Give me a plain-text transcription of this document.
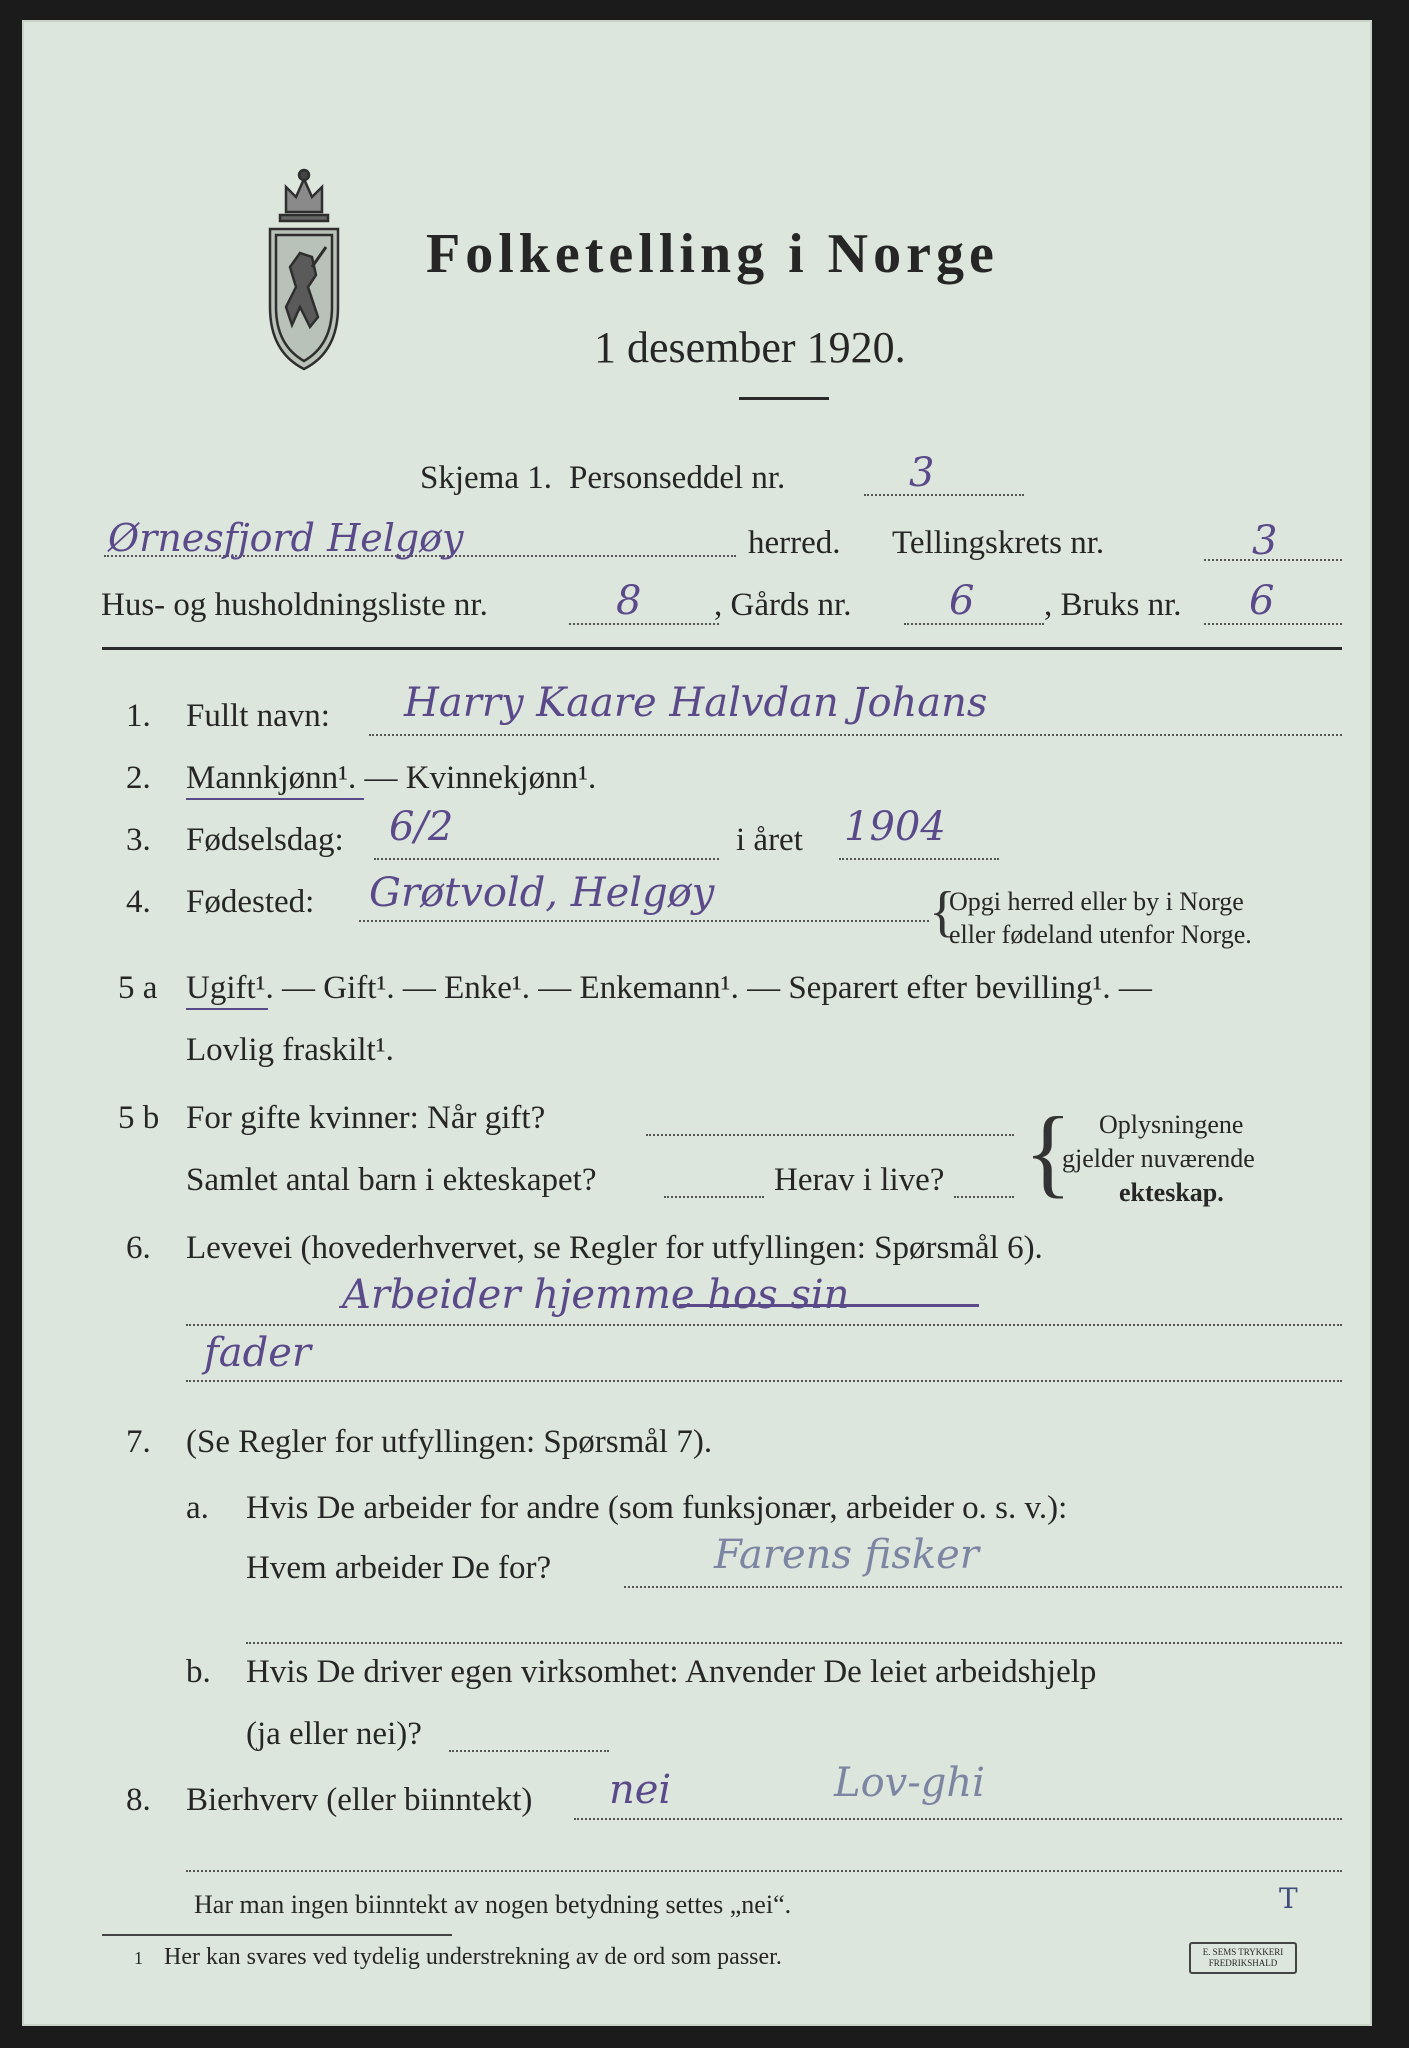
Folketelling i Norge
1 desember 1920.
Skjema 1. Personseddel nr.	3
Ørnesfjord Helgøy	herred. Tellingskrets nr.	3
Hus- og husholdningsliste nr.	8 , Gårds nr. 6 , Bruks nr. 6
1. Fullt navn: Harry Kaare Halvdan Johans
2. Mannkjønn¹. — Kvinnekjønn¹.
3. Fødselsdag: 6/2	i året 1904
4. Fødested: Grøtvold, Helgøy	{
Opgi herred eller by i Norge
eller fødeland utenfor Norge.
5 a Ugift¹. — Gift¹. — Enke¹. — Enkemann¹. — Separert efter bevilling¹. —
Lovlig fraskilt¹.
5 b For gifte kvinner: Når gift?
Samlet antal barn i ekteskapet?	Herav i live? { Oplysningene
gjelder nuværende
ekteskap.
6. Levevei (hovederhvervet, se Regler for utfyllingen: Spørsmål 6).
Arbeider hjemme hos sin
fader
7. (Se Regler for utfyllingen: Spørsmål 7).
a. Hvis De arbeider for andre (som funksjonær, arbeider o. s. v.):
Hvem arbeider De for?	Farens fisker
b. Hvis De driver egen virksomhet: Anvender De leiet arbeidshjelp
(ja eller nei)?
8. Bierhverv (eller biinntekt) nei	Lov-ghi
Har man ingen biinntekt av nogen betydning settes „nei“.
1 Her kan svares ved tydelig understrekning av de ord som passer.	E. SEMS TRYKKERI FREDRIKSHALD
T
